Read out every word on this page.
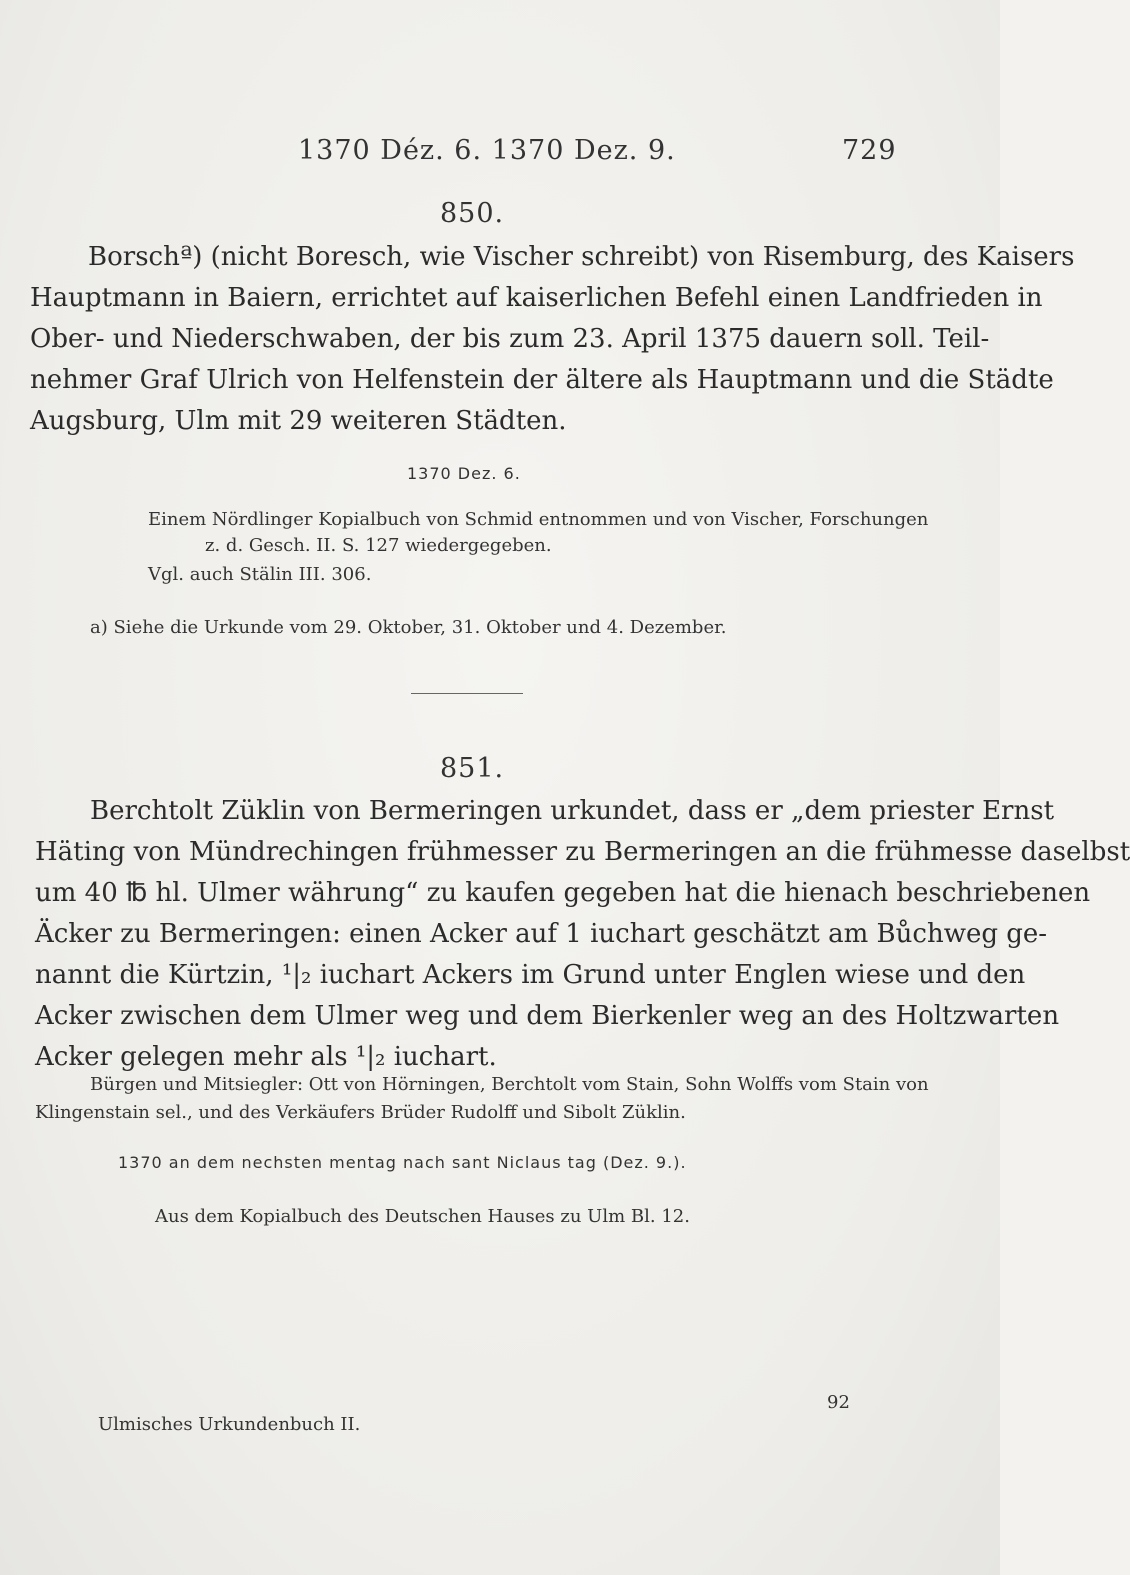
1370 Déz. 6. 1370 Dez. 9.	729

850.

Borschª) (nicht Boresch, wie Vischer schreibt) von Risemburg, des Kaisers

Hauptmann in Baiern, errichtet auf kaiserlichen Befehl einen Landfrieden in

Ober- und Niederschwaben, der bis zum 23. April 1375 dauern soll. Teil-

nehmer Graf Ulrich von Helfenstein der ältere als Hauptmann und die Städte

Augsburg, Ulm mit 29 weiteren Städten.

1370 Dez. 6.

Einem Nördlinger Kopialbuch von Schmid entnommen und von Vischer, Forschungen

z. d. Gesch. II. S. 127 wiedergegeben.

Vgl. auch Stälin III. 306.

a) Siehe die Urkunde vom 29. Oktober, 31. Oktober und 4. Dezember.

851.

Berchtolt Züklin von Bermeringen urkundet, dass er „dem priester Ernst

Häting von Mündrechingen frühmesser zu Bermeringen an die frühmesse daselbst

um 40 ℔ hl. Ulmer währung“ zu kaufen gegeben hat die hienach beschriebenen

Äcker zu Bermeringen: einen Acker auf 1 iuchart geschätzt am Bůchweg ge-

nannt die Kürtzin, ¹|₂ iuchart Ackers im Grund unter Englen wiese und den

Acker zwischen dem Ulmer weg und dem Bierkenler weg an des Holtzwarten

Acker gelegen mehr als ¹|₂ iuchart.

Bürgen und Mitsiegler: Ott von Hörningen, Berchtolt vom Stain, Sohn Wolffs vom Stain von

Klingenstain sel., und des Verkäufers Brüder Rudolff und Sibolt Züklin.

1370 an dem nechsten mentag nach sant Niclaus tag (Dez. 9.).

Aus dem Kopialbuch des Deutschen Hauses zu Ulm Bl. 12.

92

Ulmisches Urkundenbuch II.
